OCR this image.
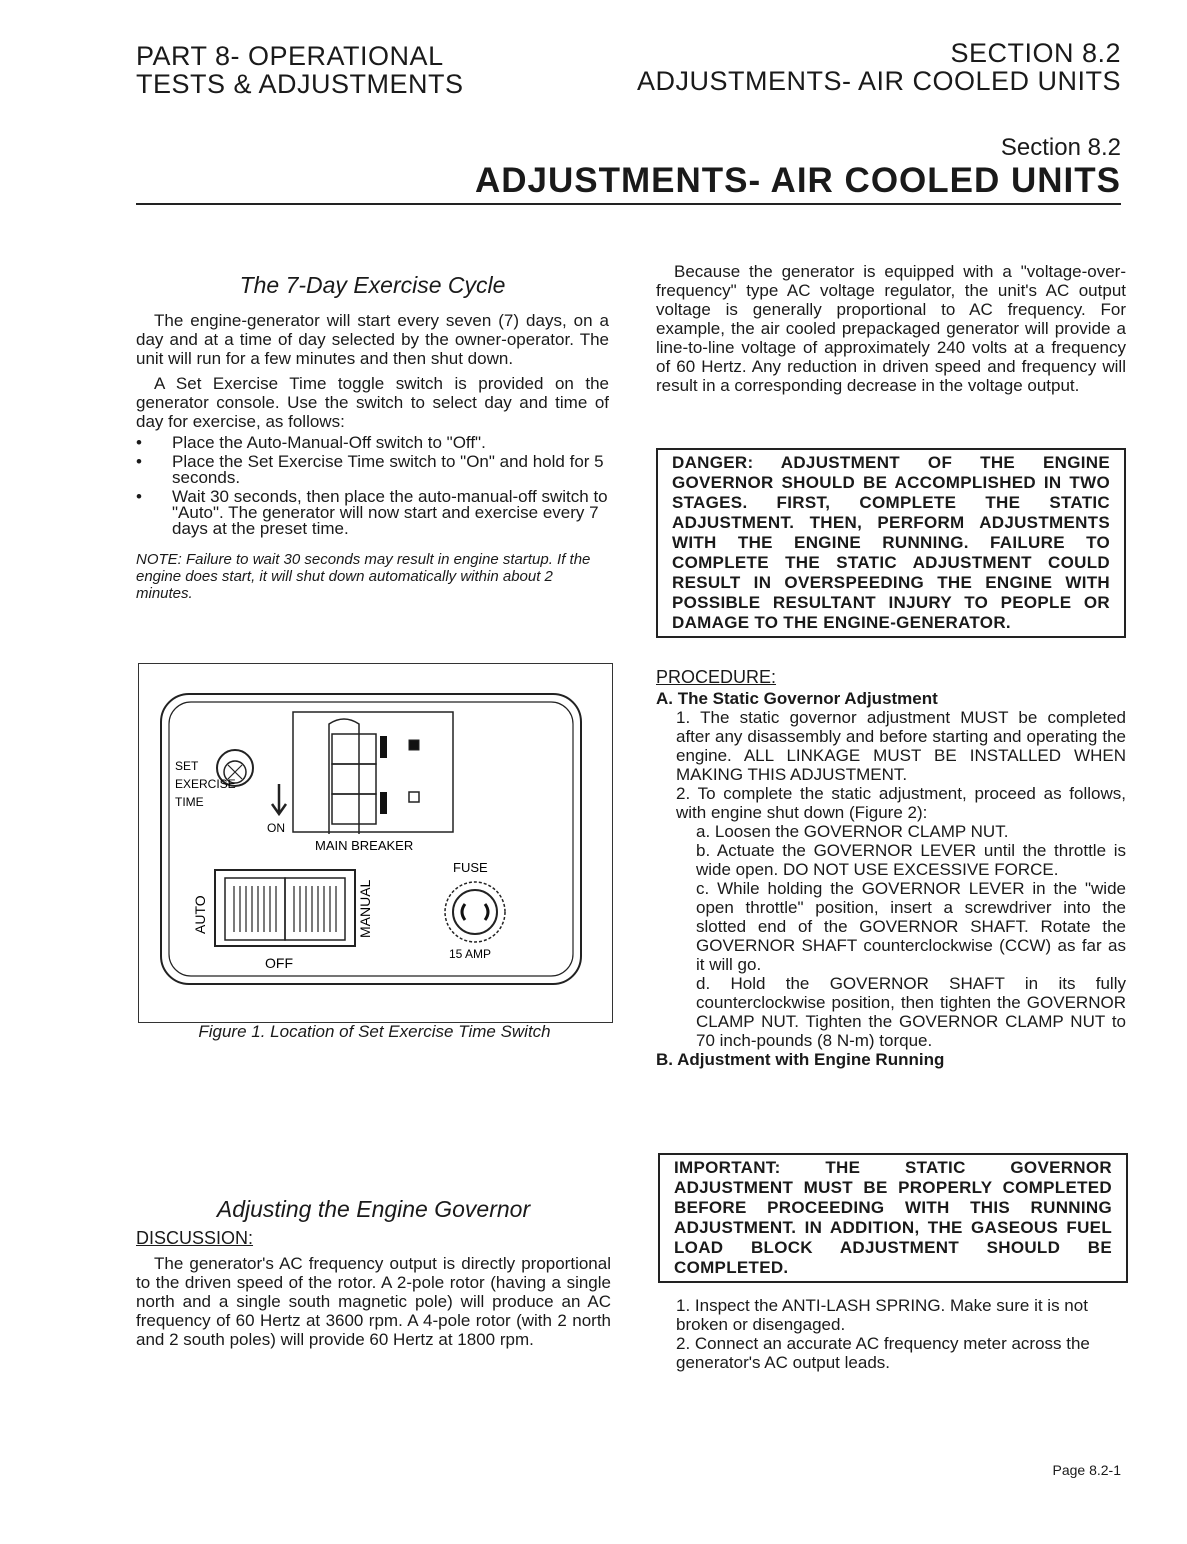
PART 8- OPERATIONAL
TESTS & ADJUSTMENTS
SECTION 8.2
ADJUSTMENTS- AIR COOLED UNITS
Section 8.2
ADJUSTMENTS- AIR COOLED UNITS
The 7-Day Exercise Cycle

The engine-generator will start every seven (7) days, on a day and at a time of day selected by the owner-operator. The unit will run for a few minutes and then shut down.

A Set Exercise Time toggle switch is provided on the generator console. Use the switch to select day and time of day for exercise, as follows:

• Place the Auto-Manual-Off switch to "Off".
• Place the Set Exercise Time switch to "On" and hold for 5 seconds.
• Wait 30 seconds, then place the auto-manual-off switch to "Auto". The generator will now start and exercise every 7 days at the preset time.

NOTE: Failure to wait 30 seconds may result in engine startup. If the engine does start, it will shut down automatically within about 2 minutes.

SET
EXERCISE
TIME
ON
MAIN BREAKER
AUTO	MANUAL
OFF
FUSE
15 AMP
Figure 1. Location of Set Exercise Time Switch
Adjusting the Engine Governor

DISCUSSION:

The generator's AC frequency output is directly proportional to the driven speed of the rotor. A 2-pole rotor (having a single north and a single south magnetic pole) will produce an AC frequency of 60 Hertz at 3600 rpm. A 4-pole rotor (with 2 north and 2 south poles) will provide 60 Hertz at 1800 rpm.

Because the generator is equipped with a "voltage-over-frequency" type AC voltage regulator, the unit's AC output voltage is generally proportional to AC frequency. For example, the air cooled prepackaged generator will provide a line-to-line voltage of approximately 240 volts at a frequency of 60 Hertz. Any reduction in driven speed and frequency will result in a corresponding decrease in the voltage output.

DANGER: ADJUSTMENT OF THE ENGINE GOVERNOR SHOULD BE ACCOMPLISHED IN TWO STAGES. FIRST, COMPLETE THE STATIC ADJUSTMENT. THEN, PERFORM ADJUSTMENTS WITH THE ENGINE RUNNING. FAILURE TO COMPLETE THE STATIC ADJUSTMENT COULD RESULT IN OVERSPEEDING THE ENGINE WITH POSSIBLE RESULTANT INJURY TO PEOPLE OR DAMAGE TO THE ENGINE-GENERATOR.

PROCEDURE:

A. The Static Governor Adjustment

1. The static governor adjustment MUST be completed after any disassembly and before starting and operating the engine. ALL LINKAGE MUST BE INSTALLED WHEN MAKING THIS ADJUSTMENT.

2. To complete the static adjustment, proceed as follows, with engine shut down (Figure 2):

a. Loosen the GOVERNOR CLAMP NUT.

b. Actuate the GOVERNOR LEVER until the throttle is wide open. DO NOT USE EXCESSIVE FORCE.

c. While holding the GOVERNOR LEVER in the "wide open throttle" position, insert a screwdriver into the slotted end of the GOVERNOR SHAFT. Rotate the GOVERNOR SHAFT counterclockwise (CCW) as far as it will go.

d. Hold the GOVERNOR SHAFT in its fully counterclockwise position, then tighten the GOVERNOR CLAMP NUT. Tighten the GOVERNOR CLAMP NUT to 70 inch-pounds (8 N-m) torque.

B. Adjustment with Engine Running

IMPORTANT: THE STATIC GOVERNOR ADJUSTMENT MUST BE PROPERLY COMPLETED BEFORE PROCEEDING WITH THIS RUNNING ADJUSTMENT. IN ADDITION, THE GASEOUS FUEL LOAD BLOCK ADJUSTMENT SHOULD BE COMPLETED.

1. Inspect the ANTI-LASH SPRING. Make sure it is not broken or disengaged.

2. Connect an accurate AC frequency meter across the generator's AC output leads.

Page 8.2-1
